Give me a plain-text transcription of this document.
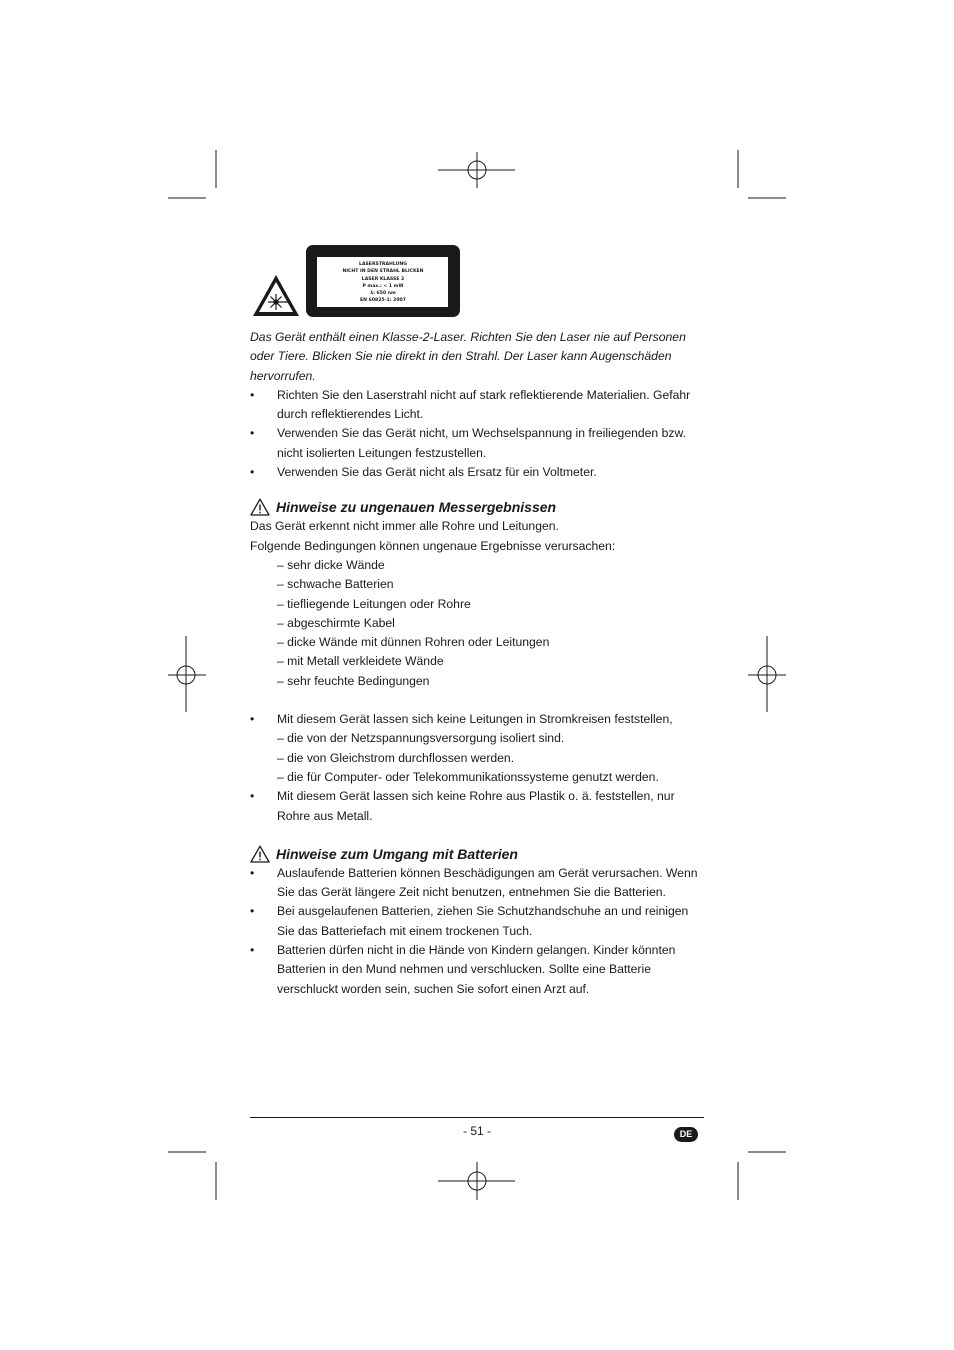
LASERSTRAHLUNG
NICHT IN DEN STRAHL BLICKEN
LASER KLASSE 2
P max.: < 1 mW
λ: 650 nm
EN 60825-1: 2007

Das Gerät enthält einen Klasse-2-Laser. Richten Sie den Laser nie auf Personen oder Tiere. Blicken Sie nie direkt in den Strahl. Der Laser kann Augenschäden hervorrufen.

• Richten Sie den Laserstrahl nicht auf stark reflektierende Materialien. Gefahr durch reflektierendes Licht.
• Verwenden Sie das Gerät nicht, um Wechselspannung in freiliegenden bzw. nicht isolierten Leitungen festzustellen.
• Verwenden Sie das Gerät nicht als Ersatz für ein Voltmeter.
Hinweise zu ungenauen Messergebnissen
Das Gerät erkennt nicht immer alle Rohre und Leitungen.
Folgende Bedingungen können ungenaue Ergebnisse verursachen:
– sehr dicke Wände
– schwache Batterien
– tiefliegende Leitungen oder Rohre
– abgeschirmte Kabel
– dicke Wände mit dünnen Rohren oder Leitungen
– mit Metall verkleidete Wände
– sehr feuchte Bedingungen
• Mit diesem Gerät lassen sich keine Leitungen in Stromkreisen feststellen,
– die von der Netzspannungsversorgung isoliert sind.
– die von Gleichstrom durchflossen werden.
– die für Computer- oder Telekommunikationssysteme genutzt werden.
• Mit diesem Gerät lassen sich keine Rohre aus Plastik o. ä. feststellen, nur Rohre aus Metall.
Hinweise zum Umgang mit Batterien
• Auslaufende Batterien können Beschädigungen am Gerät verursachen. Wenn Sie das Gerät längere Zeit nicht benutzen, entnehmen Sie die Batterien.
• Bei ausgelaufenen Batterien, ziehen Sie Schutzhandschuhe an und reinigen Sie das Batteriefach mit einem trockenen Tuch.
• Batterien dürfen nicht in die Hände von Kindern gelangen. Kinder könnten Batterien in den Mund nehmen und verschlucken. Sollte eine Batterie verschluckt worden sein, suchen Sie sofort einen Arzt auf.
- 51 -	DE
